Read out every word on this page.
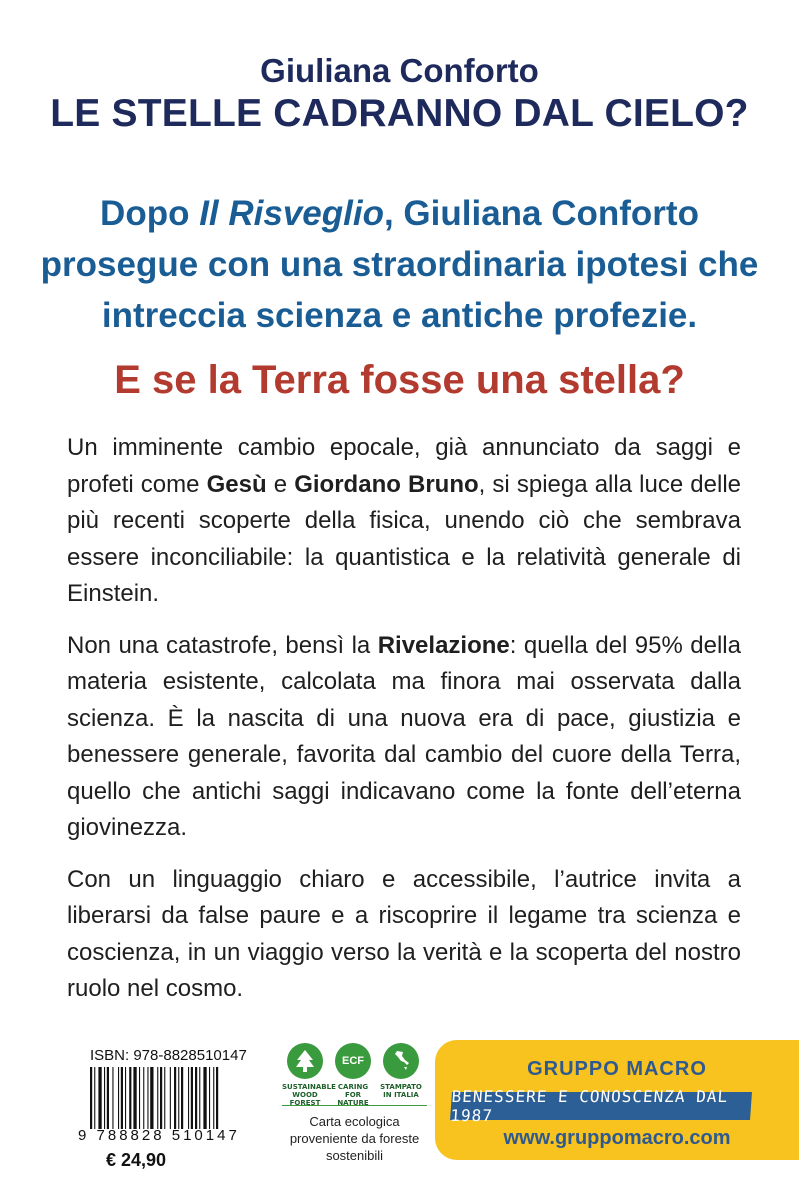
Giuliana Conforto
LE STELLE CADRANNO DAL CIELO?
Dopo Il Risveglio, Giuliana Conforto prosegue con una straordinaria ipotesi che intreccia scienza e antiche profezie.
E se la Terra fosse una stella?

Un imminente cambio epocale, già annunciato da saggi e profeti come Gesù e Giordano Bruno, si spiega alla luce delle più recenti scoperte della fisica, unendo ciò che sembrava essere inconciliabile: la quantistica e la relatività generale di Einstein.

Non una catastrofe, bensì la Rivelazione: quella del 95% della materia esistente, calcolata ma finora mai osservata dalla scienza. È la nascita di una nuova era di pace, giustizia e benessere generale, favorita dal cambio del cuore della Terra, quello che antichi saggi indicavano come la fonte dell’eterna giovinezza.

Con un linguaggio chiaro e accessibile, l’autrice invita a liberarsi da false paure e a riscoprire il legame tra scienza e coscienza, in un viaggio verso la verità e la scoperta del nostro ruolo nel cosmo.

ISBN: 978-8828510147
9 788828 510147
€ 24,90
SUSTAINABLE WOOD FOREST
ECF
CARING FOR NATURE
STAMPATO IN ITALIA
Carta ecologica proveniente da foreste sostenibili
GRUPPO MACRO
BENESSERE E CONOSCENZA DAL 1987
www.gruppomacro.com
